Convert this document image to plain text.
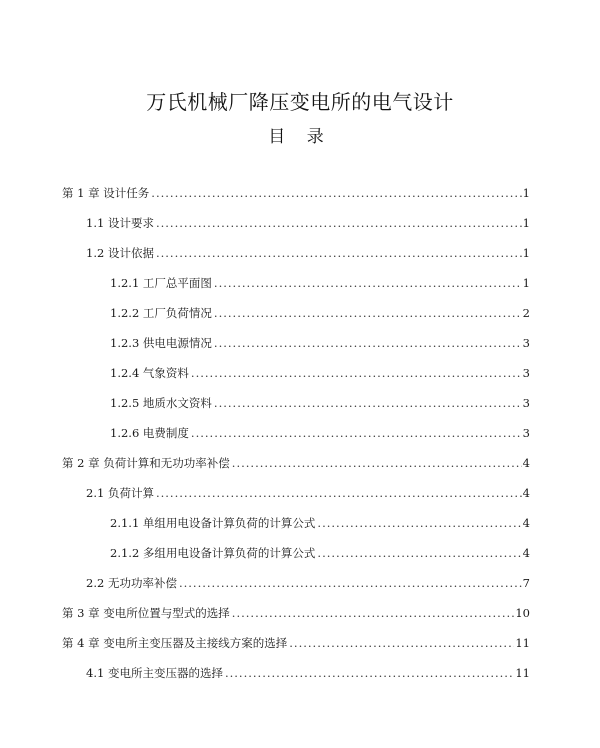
万氏机械厂降压变电所的电气设计
目 录
第 1 章 设计任务 .....	1
1.1 设计要求 .....	1
1.2 设计依据 .....	1
1.2.1 工厂总平面图 .....	1
1.2.2 工厂负荷情况 .....	2
1.2.3 供电电源情况 .....	3
1.2.4 气象资料 .....	3
1.2.5 地质水文资料 .....	3
1.2.6 电费制度 .....	3
第 2 章 负荷计算和无功功率补偿 .....	4
2.1 负荷计算 .....	4
2.1.1 单组用电设备计算负荷的计算公式 .....	4
2.1.2 多组用电设备计算负荷的计算公式 .....	4
2.2 无功功率补偿 .....	7
第 3 章 变电所位置与型式的选择 .....	10
第 4 章 变电所主变压器及主接线方案的选择 .....	11
4.1 变电所主变压器的选择 .....	11
